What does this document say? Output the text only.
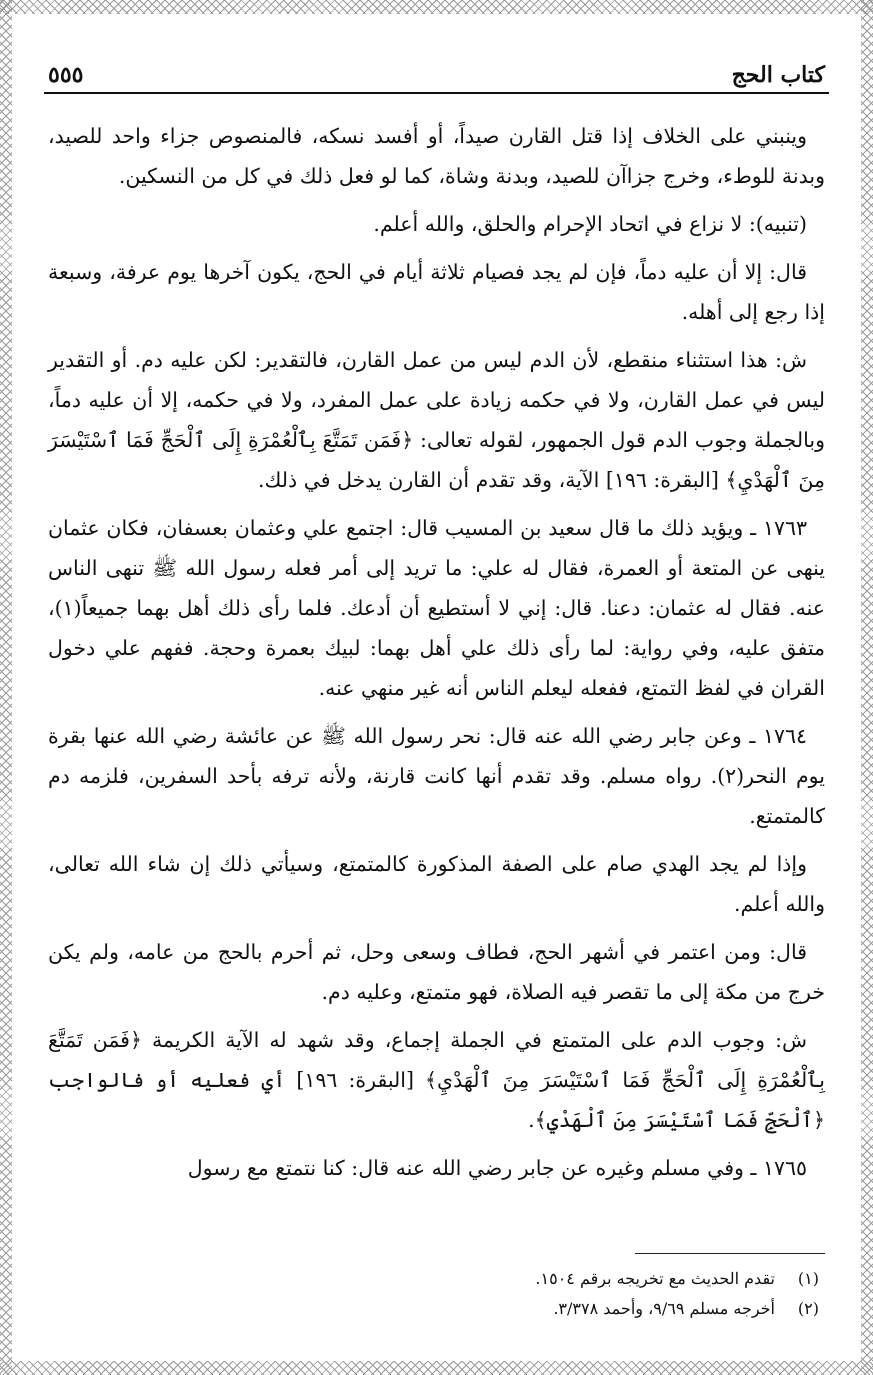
كتاب الحج
٥٥٥

وينبني على الخلاف إذا قتل القارن صيداً، أو أفسد نسكه، فالمنصوص جزاء واحد للصيد، وبدنة للوطء، وخرج جزاآن للصيد، وبدنة وشاة، كما لو فعل ذلك في كل من النسكين.

(تنبيه): لا نزاع في اتحاد الإحرام والحلق، والله أعلم.

قال: إلا أن عليه دماً، فإن لم يجد فصيام ثلاثة أيام في الحج، يكون آخرها يوم عرفة، وسبعة إذا رجع إلى أهله.

ش: هذا استثناء منقطع، لأن الدم ليس من عمل القارن، فالتقدير: لكن عليه دم. أو التقدير ليس في عمل القارن، ولا في حكمه زيادة على عمل المفرد، ولا في حكمه، إلا أن عليه دماً، وبالجملة وجوب الدم قول الجمهور، لقوله تعالى: ﴿فَمَن تَمَتَّعَ بِٱلْعُمْرَةِ إِلَى ٱلْحَجِّ فَمَا ٱسْتَيْسَرَ مِنَ ٱلْهَدْيِ﴾ [البقرة: ١٩٦] الآية، وقد تقدم أن القارن يدخل في ذلك.

١٧٦٣ ـ ويؤيد ذلك ما قال سعيد بن المسيب قال: اجتمع علي وعثمان بعسفان، فكان عثمان ينهى عن المتعة أو العمرة، فقال له علي: ما تريد إلى أمر فعله رسول الله ﷺ تنهى الناس عنه. فقال له عثمان: دعنا. قال: إني لا أستطيع أن أدعك. فلما رأى ذلك أهل بهما جميعاً(١)، متفق عليه، وفي رواية: لما رأى ذلك علي أهل بهما: لبيك بعمرة وحجة. ففهم علي دخول القران في لفظ التمتع، ففعله ليعلم الناس أنه غير منهي عنه.

١٧٦٤ ـ وعن جابر رضي الله عنه قال: نحر رسول الله ﷺ عن عائشة رضي الله عنها بقرة يوم النحر(٢). رواه مسلم. وقد تقدم أنها كانت قارنة، ولأنه ترفه بأحد السفرين، فلزمه دم كالمتمتع.

وإذا لم يجد الهدي صام على الصفة المذكورة كالمتمتع، وسيأتي ذلك إن شاء الله تعالى، والله أعلم.

قال: ومن اعتمر في أشهر الحج، فطاف وسعى وحل، ثم أحرم بالحج من عامه، ولم يكن خرج من مكة إلى ما تقصر فيه الصلاة، فهو متمتع، وعليه دم.

ش: وجوب الدم على المتمتع في الجملة إجماع، وقد شهد له الآية الكريمة ﴿فَمَن تَمَتَّعَ بِٱلْعُمْرَةِ إِلَى ٱلْحَجِّ فَمَا ٱسْتَيْسَرَ مِنَ ٱلْهَدْيِ﴾ [البقرة: ١٩٦] أي فعليه أو فالواجب ﴿ٱلْحَجِّ فَمَا ٱسْتَيْسَرَ مِنَ ٱلْهَدْيِ﴾.

١٧٦٥ ـ وفي مسلم وغيره عن جابر رضي الله عنه قال: كنا نتمتع مع رسول

(١)
تقدم الحديث مع تخريجه برقم ١٥٠٤.
(٢)
أخرجه مسلم ٩/٦٩، وأحمد ٣/٣٧٨.
